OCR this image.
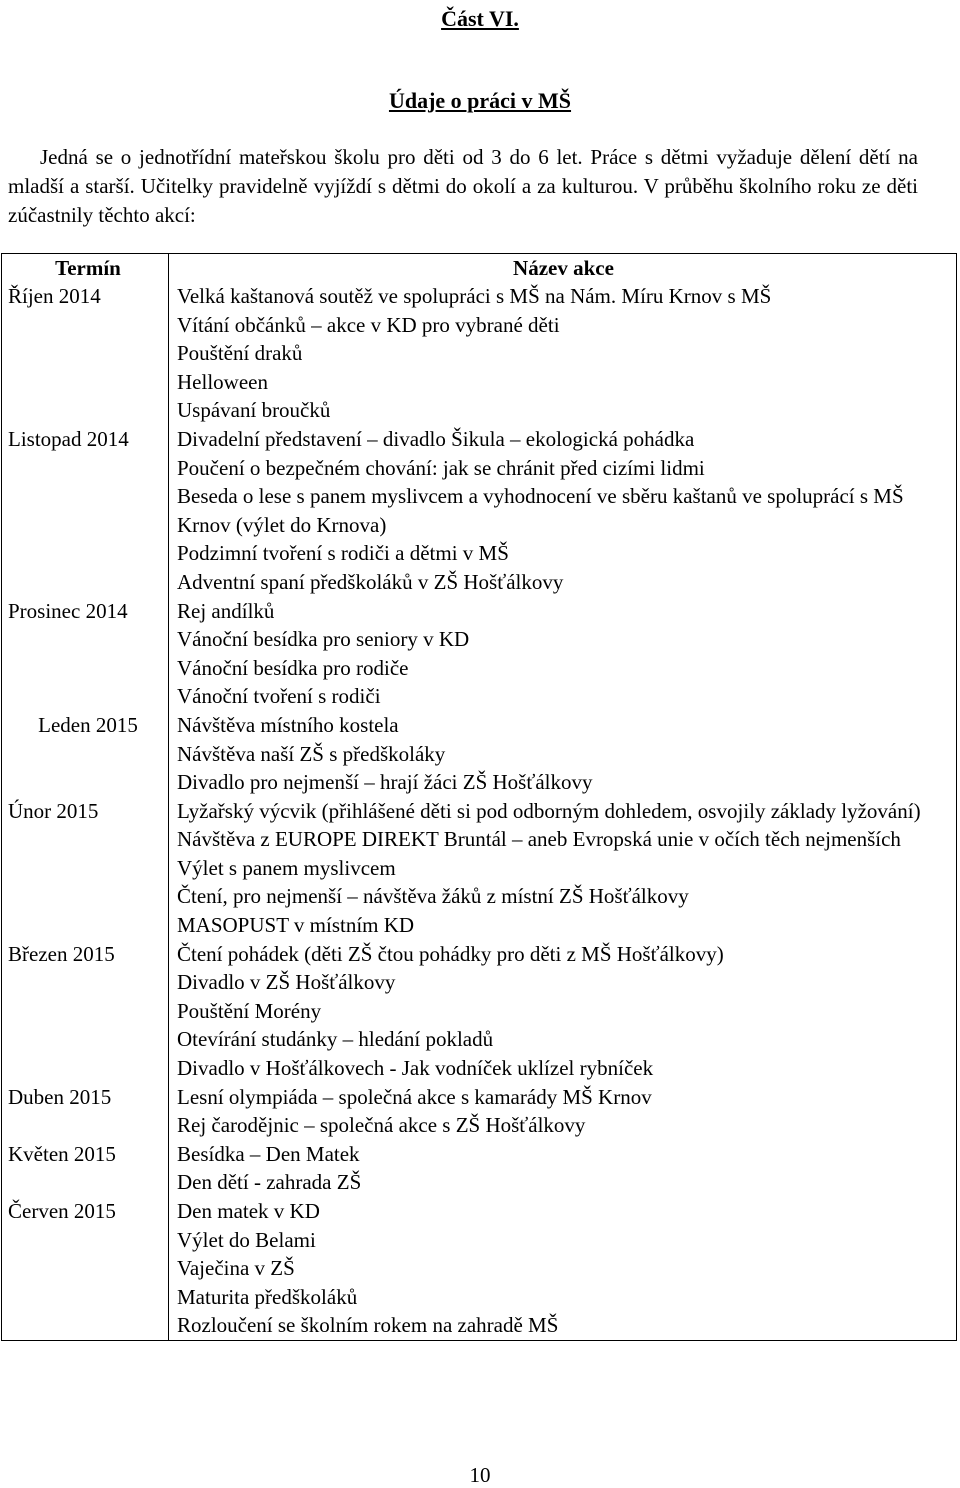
Část VI.
Údaje o práci v MŠ
Jedná se o jednotřídní mateřskou školu pro děti od 3 do 6 let. Práce s dětmi vyžaduje dělení dětí na mladší a starší. Učitelky pravidelně vyjíždí s dětmi do okolí a za kulturou. V průběhu školního roku ze děti zúčastnily těchto akcí:
Termín	Název akce

Říjen 2014	Velká kaštanová soutěž ve spolupráci s MŠ na Nám. Míru Krnov s MŠ
Vítání občánků – akce v KD pro vybrané děti
Pouštění draků
Helloween
Uspávaní broučků

Listopad 2014	Divadelní představení – divadlo Šikula – ekologická pohádka
Poučení o bezpečném chování: jak se chránit před cizími lidmi
Beseda o lese s panem myslivcem a vyhodnocení ve sběru kaštanů ve spoluprácí s MŠ Krnov (výlet do Krnova)
Podzimní tvoření s rodiči a dětmi v MŠ
Adventní spaní předškoláků v ZŠ Hošťálkovy

Prosinec 2014	Rej andílků
Vánoční besídka pro seniory v KD
Vánoční besídka pro rodiče
Vánoční tvoření s rodiči

Leden 2015	Návštěva místního kostela
Návštěva naší ZŠ s předškoláky
Divadlo pro nejmenší – hrají žáci ZŠ Hošťálkovy

Únor 2015	Lyžařský výcvik (přihlášené děti si pod odborným dohledem, osvojily základy lyžování)
Návštěva z EUROPE DIREKT Bruntál – aneb Evropská unie v očích těch nejmenších
Výlet s panem myslivcem
Čtení, pro nejmenší – návštěva žáků z místní ZŠ Hošťálkovy
MASOPUST v místním KD

Březen 2015	Čtení pohádek (děti ZŠ čtou pohádky pro děti z MŠ Hošťálkovy)
Divadlo v ZŠ Hošťálkovy
Pouštění Morény
Otevírání studánky – hledání pokladů
Divadlo v Hošťálkovech - Jak vodníček uklízel rybníček

Duben 2015	Lesní olympiáda – společná akce s kamarády MŠ Krnov
Rej čarodějnic – společná akce s ZŠ Hošťálkovy

Květen 2015	Besídka – Den Matek
Den dětí - zahrada ZŠ

Červen 2015	Den matek v KD
Výlet do Belami
Vaječina v ZŠ
Maturita předškoláků
Rozloučení se školním rokem na zahradě MŠ
10
